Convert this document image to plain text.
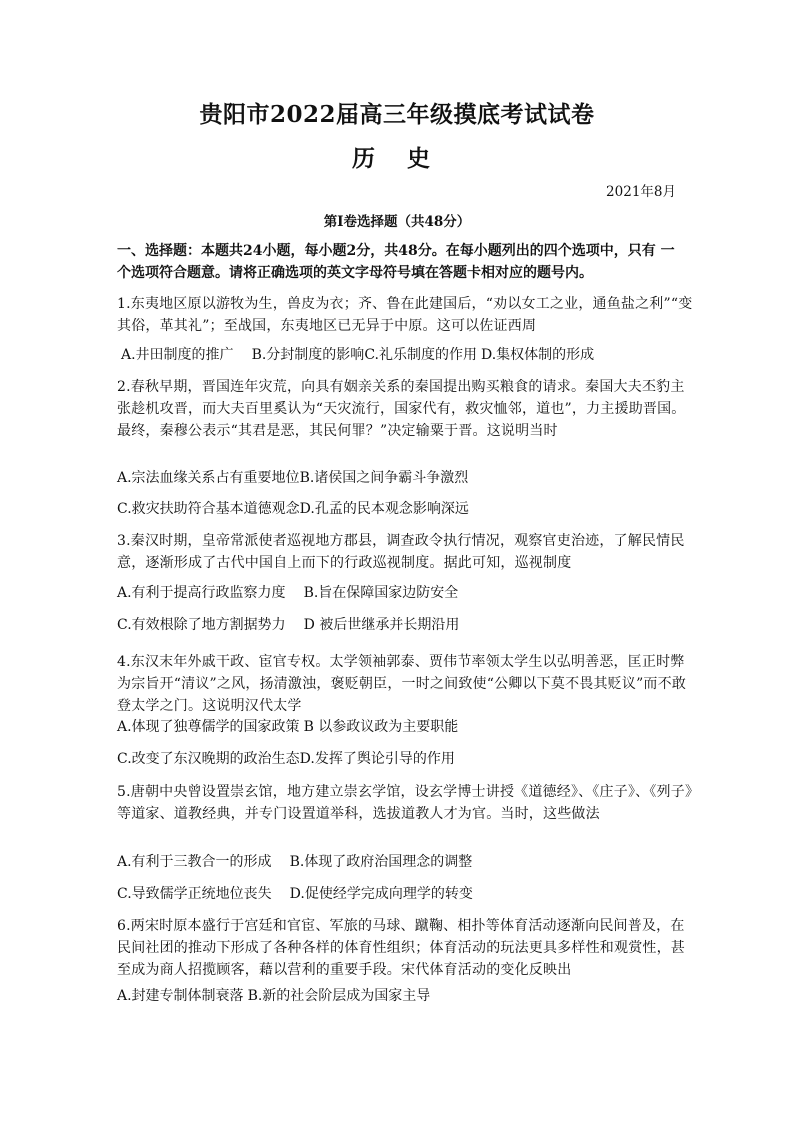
贵阳市2022届高三年级摸底考试试卷
历 史
2021年8月
第I卷选择题（共48分）
一、选择题：本题共24小题，每小题2分，共48分。在每小题列出的四个选项中，只有 一个选项符合题意。请将正确选项的英文字母符号填在答题卡相对应的题号内。
1.东夷地区原以游牧为生，兽皮为衣；齐、鲁在此建国后，“劝以女工之业，通鱼盐之利”“变其俗，革其礼”；至战国，东夷地区已无异于中原。这可以佐证西周
A.井田制度的推广 B.分封制度的影响C.礼乐制度的作用 D.集权体制的形成
2.春秋早期，晋国连年灾荒，向具有姻亲关系的秦国提出购买粮食的请求。秦国大夫丕豹主张趁机攻晋，而大夫百里奚认为“天灾流行，国家代有，救灾恤邻，道也”，力主援助晋国。最终，秦穆公表示“其君是恶，其民何罪？”决定输粟于晋。这说明当时
A.宗法血缘关系占有重要地位B.诸侯国之间争霸斗争激烈
C.救灾扶助符合基本道德观念D.孔孟的民本观念影响深远
3.秦汉时期，皇帝常派使者巡视地方郡县，调查政令执行情况，观察官吏治迹，了解民情民意，逐渐形成了古代中国自上而下的行政巡视制度。据此可知，巡视制度
A.有利于提高行政监察力度 B.旨在保障国家边防安全
C.有效根除了地方割据势力 D 被后世继承并长期沿用
4.东汉末年外戚干政、宦官专权。太学领袖郭泰、贾伟节率领太学生以弘明善恶，匡正时弊为宗旨开“清议”之风，扬清激浊，褒贬朝臣，一时之间致使“公卿以下莫不畏其贬议”而不敢登太学之门。这说明汉代太学
A.体现了独尊儒学的国家政策 B 以参政议政为主要职能
C.改变了东汉晚期的政治生态D.发挥了舆论引导的作用
5.唐朝中央曾设置崇玄馆，地方建立崇玄学馆，设玄学博士讲授《道德经》、《庄子》、《列子》等道家、道教经典，并专门设置道举科，选拔道教人才为官。当时，这些做法
A.有利于三教合一的形成 B.体现了政府治国理念的调整
C.导致儒学正统地位丧失 D.促使经学完成向理学的转变
6.两宋时原本盛行于宫廷和官宦、军旅的马球、蹴鞠、相扑等体育活动逐渐向民间普及，在民间社团的推动下形成了各种各样的体育性组织；体育活动的玩法更具多样性和观赏性，甚至成为商人招揽顾客，藉以营利的重要手段。宋代体育活动的变化反映出
A.封建专制体制衰落 B.新的社会阶层成为国家主导
